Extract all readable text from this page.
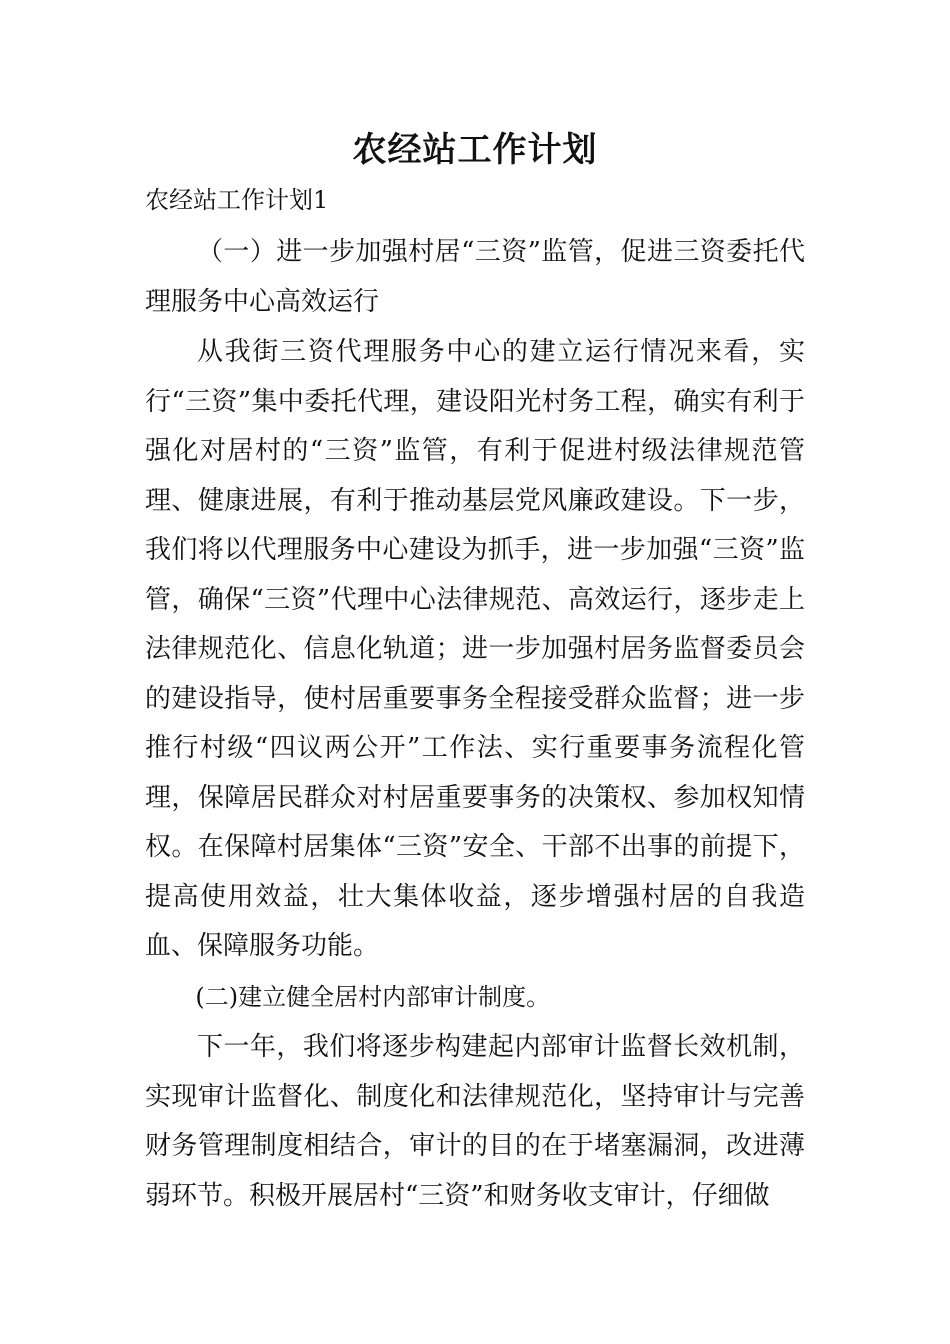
农经站工作计划

农经站工作计划1

（一）进一步加强村居“三资”监管，促进三资委托代理服务中心高效运行

从我街三资代理服务中心的建立运行情况来看，实行“三资”集中委托代理，建设阳光村务工程，确实有利于强化对居村的“三资”监管，有利于促进村级法律规范管理、健康进展，有利于推动基层党风廉政建设。下一步，我们将以代理服务中心建设为抓手，进一步加强“三资”监管，确保“三资”代理中心法律规范、高效运行，逐步走上法律规范化、信息化轨道；进一步加强村居务监督委员会的建设指导，使村居重要事务全程接受群众监督；进一步推行村级“四议两公开”工作法、实行重要事务流程化管理，保障居民群众对村居重要事务的决策权、参加权知情权。在保障村居集体“三资”安全、干部不出事的前提下，提高使用效益，壮大集体收益，逐步增强村居的自我造血、保障服务功能。

(二)建立健全居村内部审计制度。

下一年，我们将逐步构建起内部审计监督长效机制，实现审计监督化、制度化和法律规范化，坚持审计与完善财务管理制度相结合，审计的目的在于堵塞漏洞，改进薄弱环节。积极开展居村“三资”和财务收支审计，仔细做
